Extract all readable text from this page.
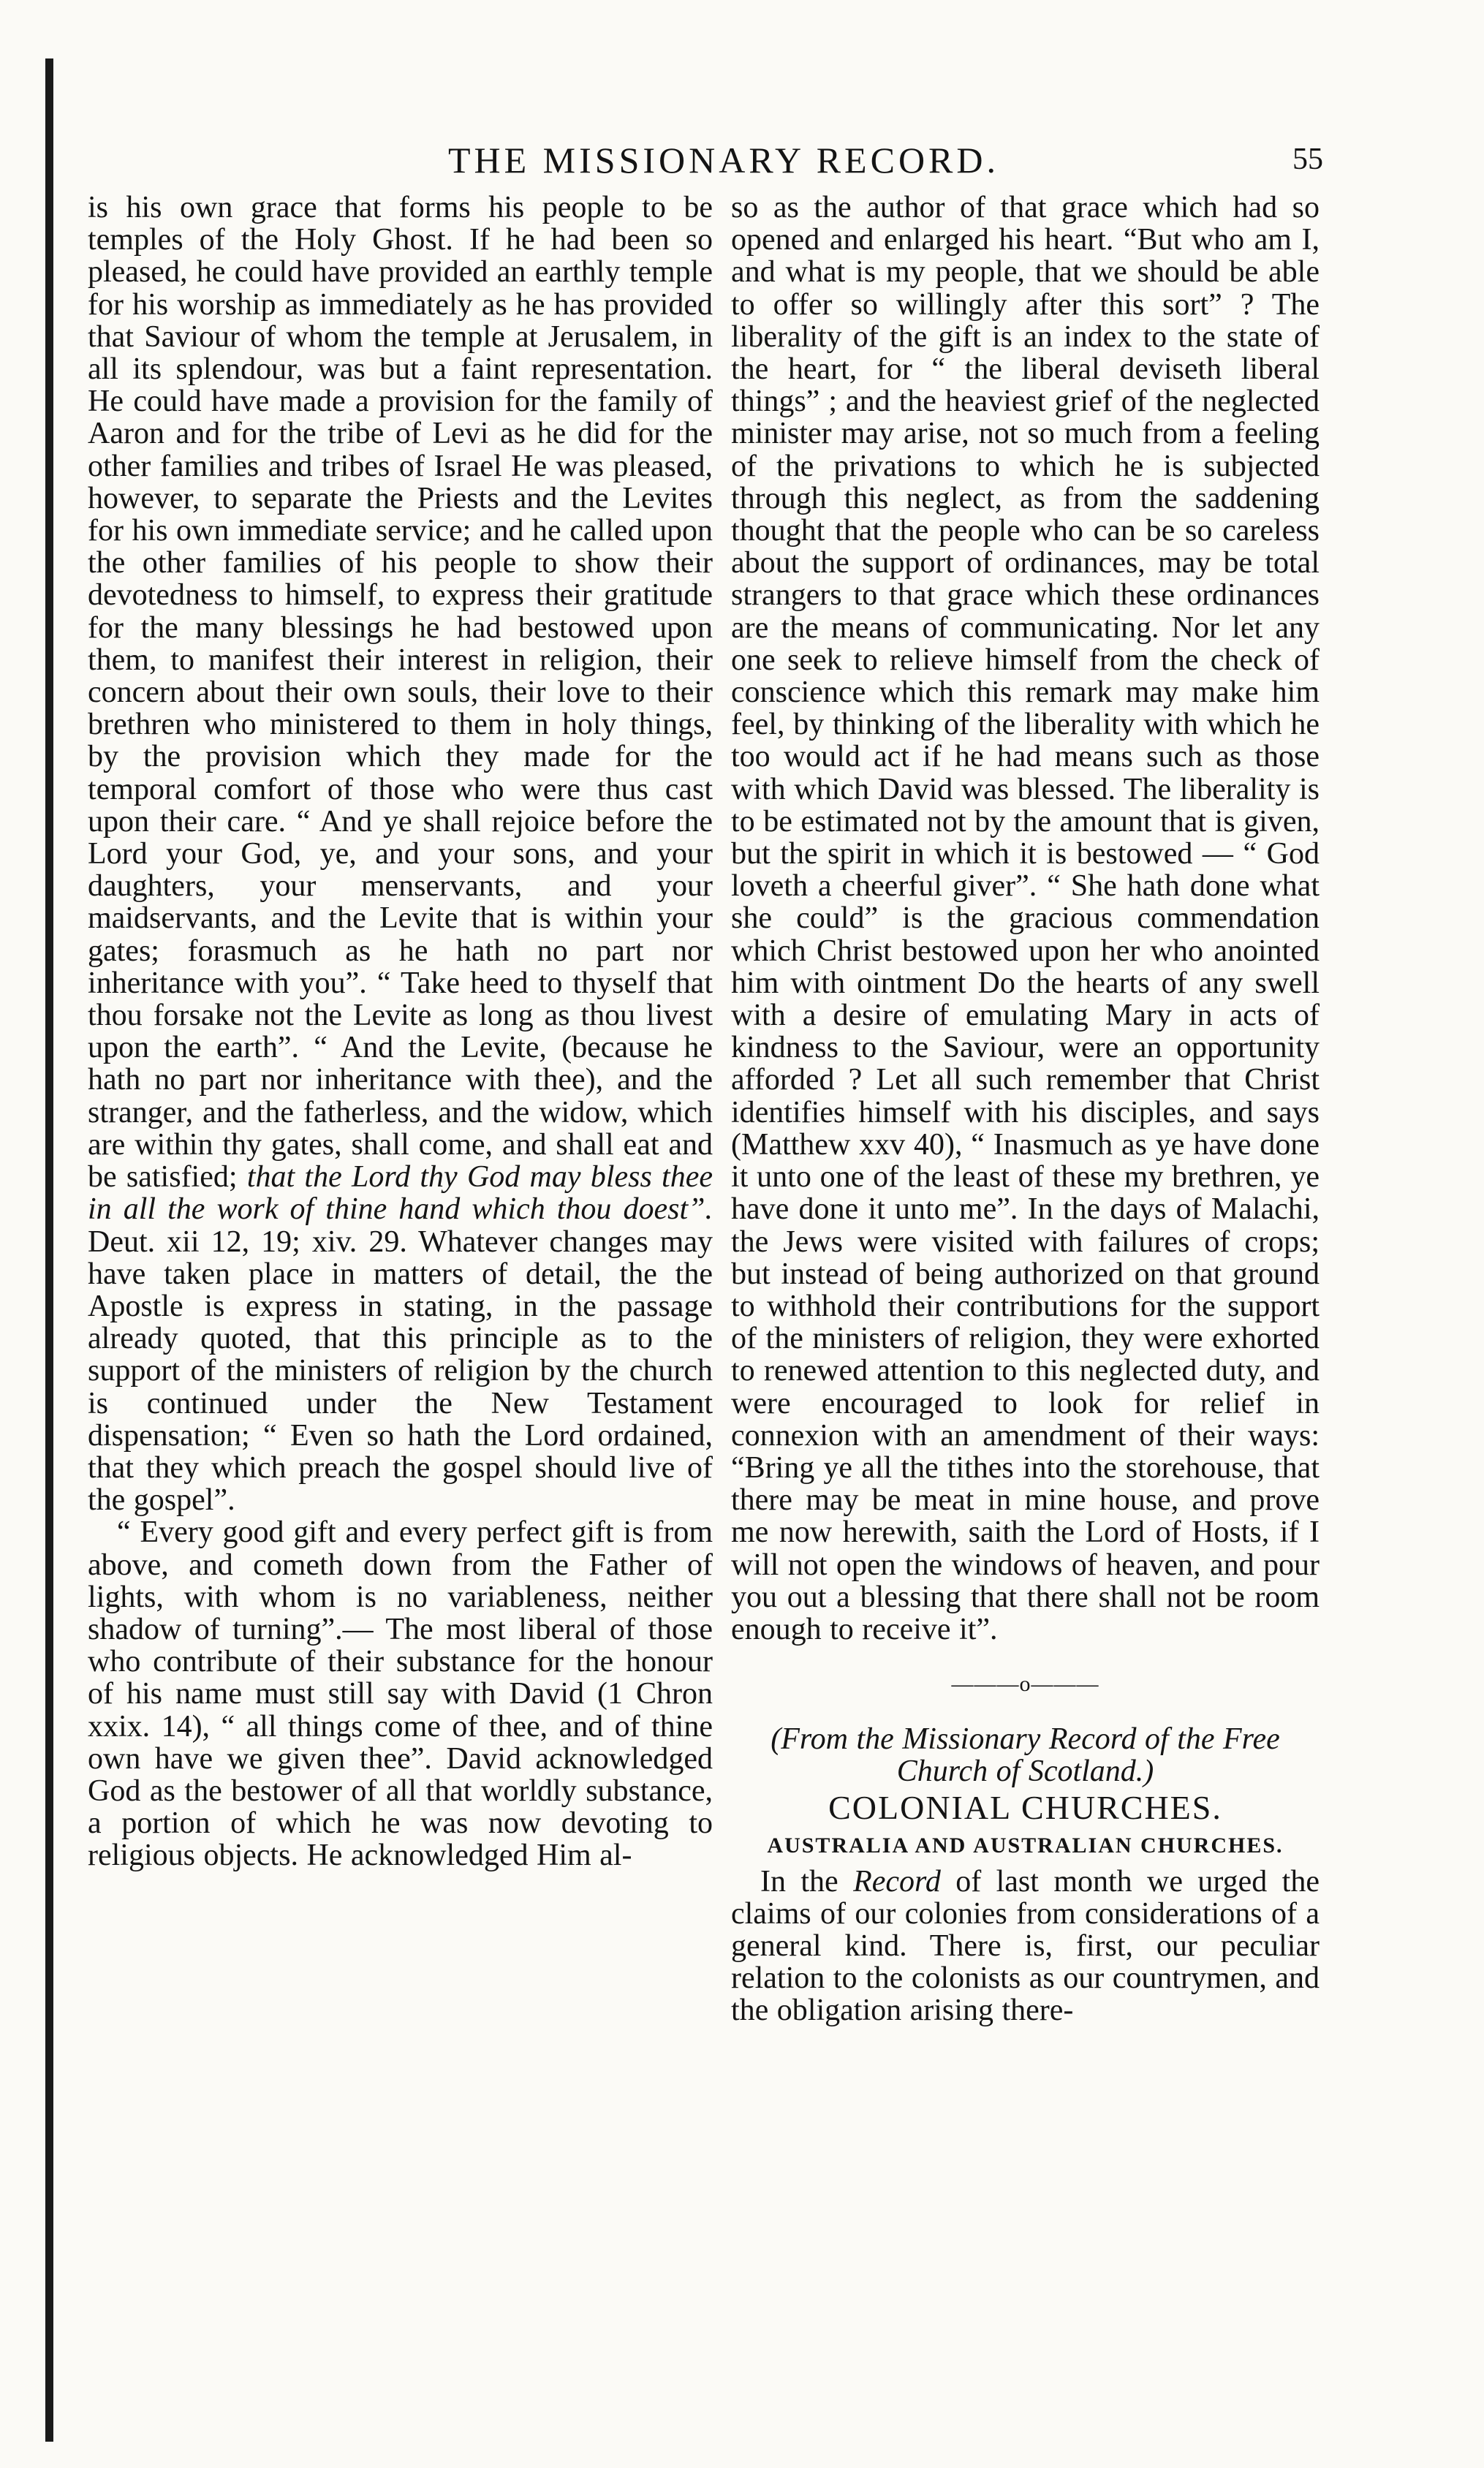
THE MISSIONARY RECORD.	55

is his own grace that forms his people to be temples of the Holy Ghost. If he had been so pleased, he could have provided an earthly temple for his worship as immediately as he has provided that Saviour of whom the temple at Jerusalem, in all its splendour, was but a faint representation. He could have made a provision for the family of Aaron and for the tribe of Levi as he did for the other families and tribes of Israel He was pleased, however, to separate the Priests and the Levites for his own immediate service; and he called upon the other families of his people to show their devotedness to himself, to express their gratitude for the many blessings he had bestowed upon them, to manifest their interest in religion, their concern about their own souls, their love to their brethren who ministered to them in holy things, by the provision which they made for the temporal comfort of those who were thus cast upon their care. “ And ye shall rejoice before the Lord your God, ye, and your sons, and your daughters, your menservants, and your maidservants, and the Levite that is within your gates; forasmuch as he hath no part nor inheritance with you”. “ Take heed to thyself that thou forsake not the Levite as long as thou livest upon the earth”. “ And the Levite, (because he hath no part nor inheritance with thee), and the stranger, and the fatherless, and the widow, which are within thy gates, shall come, and shall eat and be satisfied; that the Lord thy God may bless thee in all the work of thine hand which thou doest”. Deut. xii 12, 19; xiv. 29. Whatever changes may have taken place in matters of detail, the the Apostle is express in stating, in the passage already quoted, that this principle as to the support of the ministers of religion by the church is continued under the New Testament dispensation; “ Even so hath the Lord ordained, that they which preach the gospel should live of the gospel”.

“ Every good gift and every perfect gift is from above, and cometh down from the Father of lights, with whom is no variableness, neither shadow of turning”.— The most liberal of those who contribute of their substance for the honour of his name must still say with David (1 Chron xxix. 14), “ all things come of thee, and of thine own have we given thee”. David acknowledged God as the bestower of all that worldly substance, a portion of which he was now devoting to religious objects. He acknowledged Him al-

so as the author of that grace which had so opened and enlarged his heart. “But who am I, and what is my people, that we should be able to offer so willingly after this sort” ? The liberality of the gift is an index to the state of the heart, for “ the liberal deviseth liberal things” ; and the heaviest grief of the neglected minister may arise, not so much from a feeling of the privations to which he is subjected through this neglect, as from the saddening thought that the people who can be so careless about the support of ordinances, may be total strangers to that grace which these ordinances are the means of communicating. Nor let any one seek to relieve himself from the check of conscience which this remark may make him feel, by thinking of the liberality with which he too would act if he had means such as those with which David was blessed. The liberality is to be estimated not by the amount that is given, but the spirit in which it is bestowed — “ God loveth a cheerful giver”. “ She hath done what she could” is the gracious commendation which Christ bestowed upon her who anointed him with ointment Do the hearts of any swell with a desire of emulating Mary in acts of kindness to the Saviour, were an opportunity afforded ? Let all such remember that Christ identifies himself with his disciples, and says (Matthew xxv 40), “ Inasmuch as ye have done it unto one of the least of these my brethren, ye have done it unto me”. In the days of Malachi, the Jews were visited with failures of crops; but instead of being authorized on that ground to withhold their contributions for the support of the ministers of religion, they were exhorted to renewed attention to this neglected duty, and were encouraged to look for relief in connexion with an amendment of their ways: “Bring ye all the tithes into the storehouse, that there may be meat in mine house, and prove me now herewith, saith the Lord of Hosts, if I will not open the windows of heaven, and pour you out a blessing that there shall not be room enough to receive it”.

———o———

(From the Missionary Record of the Free
Church of Scotland.)

COLONIAL CHURCHES.
AUSTRALIA AND AUSTRALIAN CHURCHES.

In the Record of last month we urged the claims of our colonies from considerations of a general kind. There is, first, our peculiar relation to the colonists as our countrymen, and the obligation arising there-
